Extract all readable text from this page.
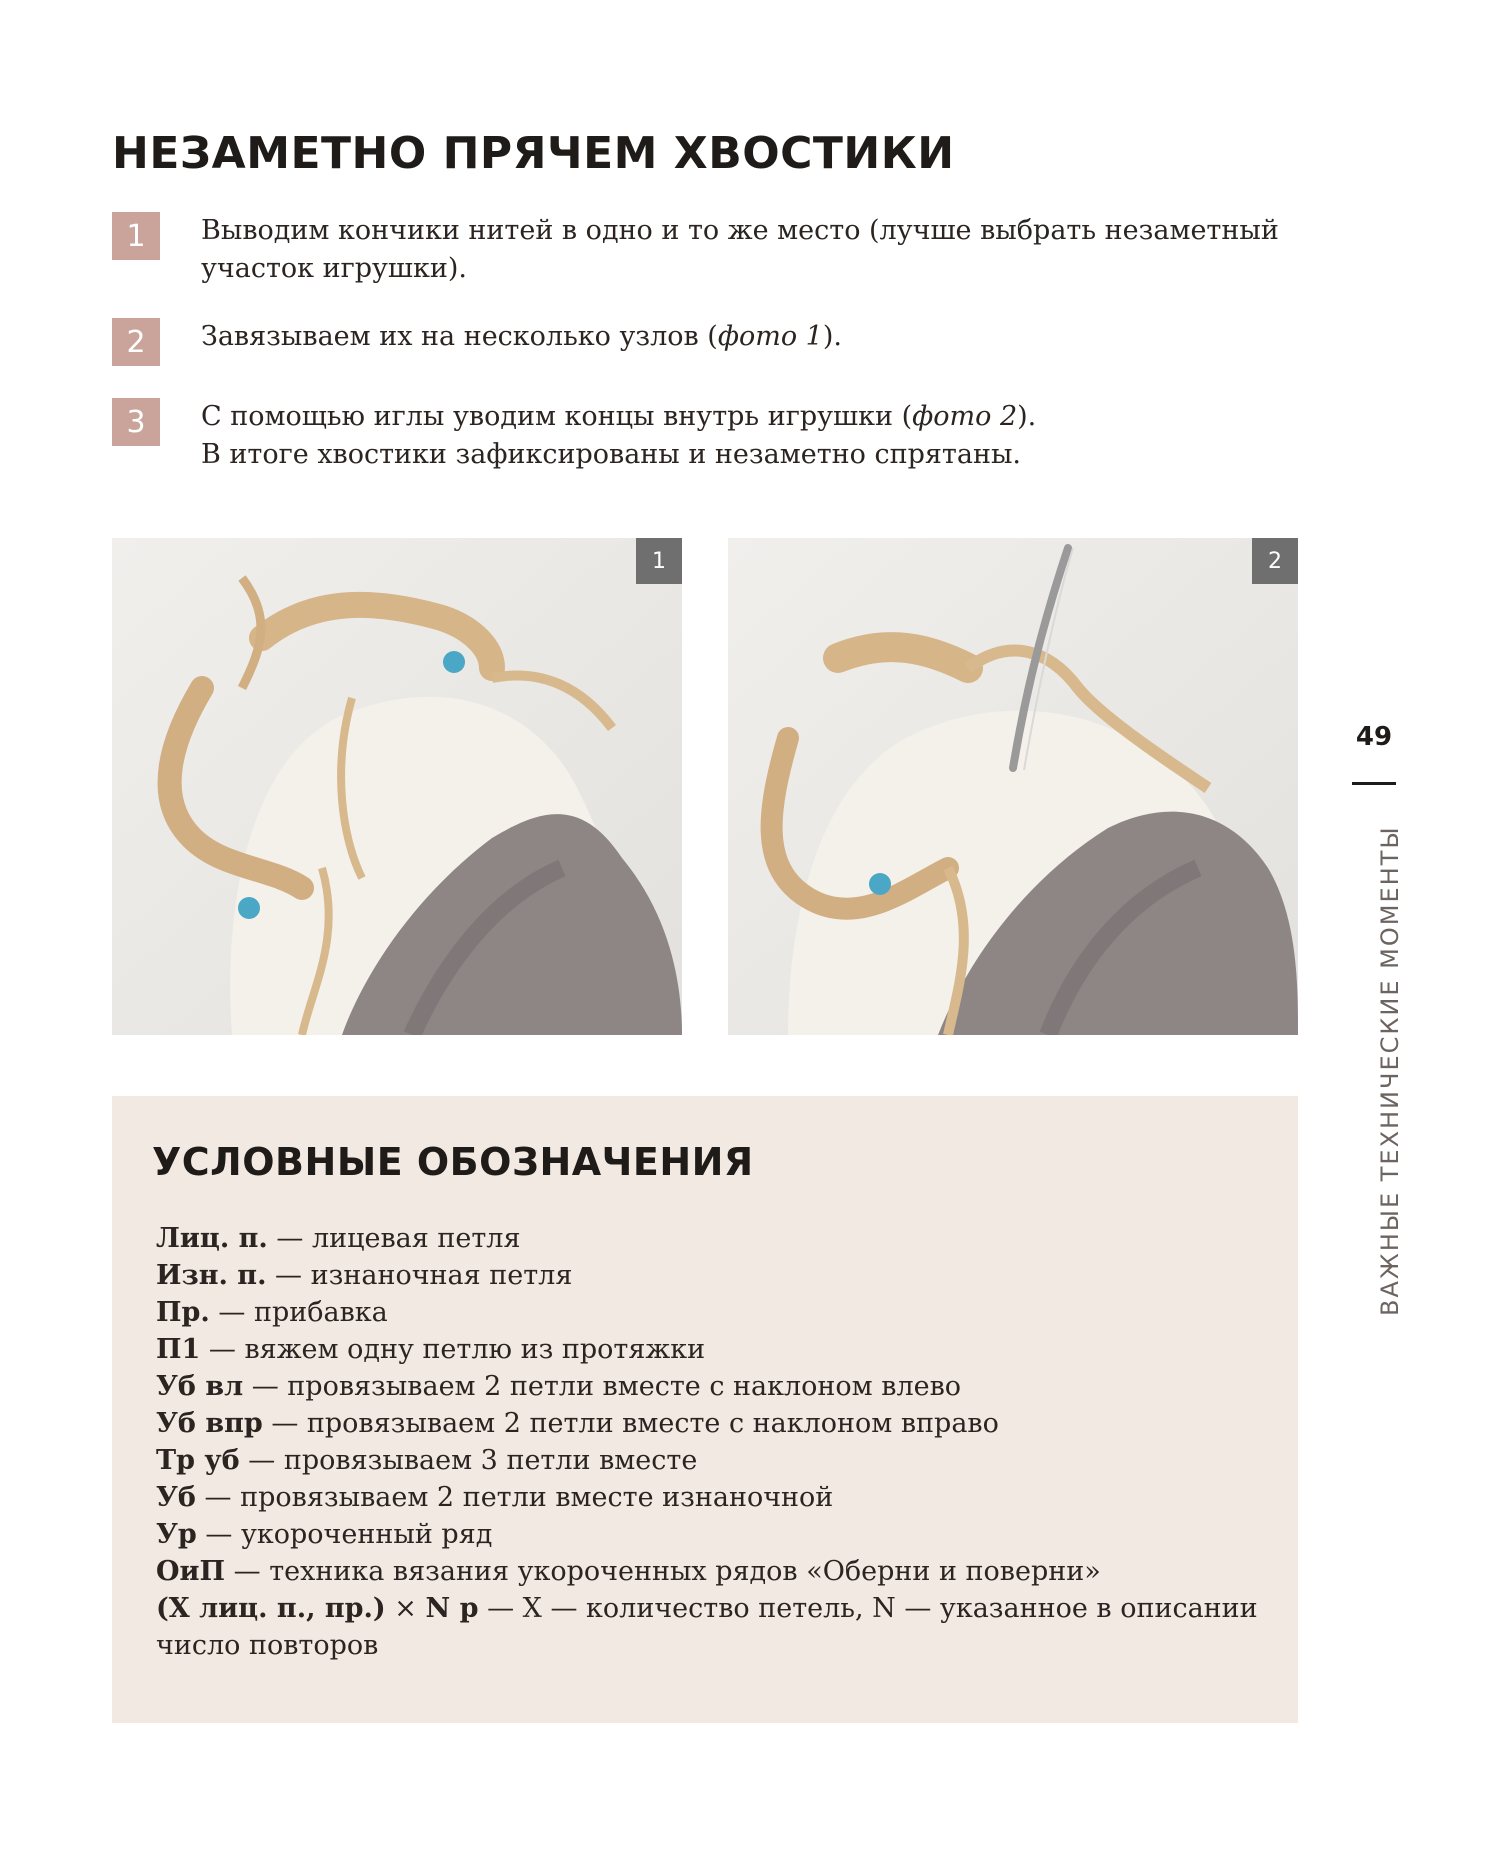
НЕЗАМЕТНО ПРЯЧЕМ ХВОСТИКИ
1	Выводим кончики нитей в одно и то же место (лучше выбрать незаметный

участок игрушки).

2	Завязываем их на несколько узлов (фото 1).

3	С помощью иглы уводим концы внутрь игрушки (фото 2).

В итоге хвостики зафиксированы и незаметно спрятаны.

1	2
УСЛОВНЫЕ ОБОЗНАЧЕНИЯ

Лиц. п. — лицевая петля

Изн. п. — изнаночная петля

Пр. — прибавка

П1 — вяжем одну петлю из протяжки

Уб вл — провязываем 2 петли вместе с наклоном влево

Уб впр — провязываем 2 петли вместе с наклоном вправо

Тр уб — провязываем 3 петли вместе

Уб — провязываем 2 петли вместе изнаночной

Ур — укороченный ряд

ОиП — техника вязания укороченных рядов «Оберни и поверни»

(X лиц. п., пр.) × N р — X — количество петель, N — указанное в описании

число повторов

49
ВАЖНЫЕ ТЕХНИЧЕСКИЕ МОМЕНТЫ
